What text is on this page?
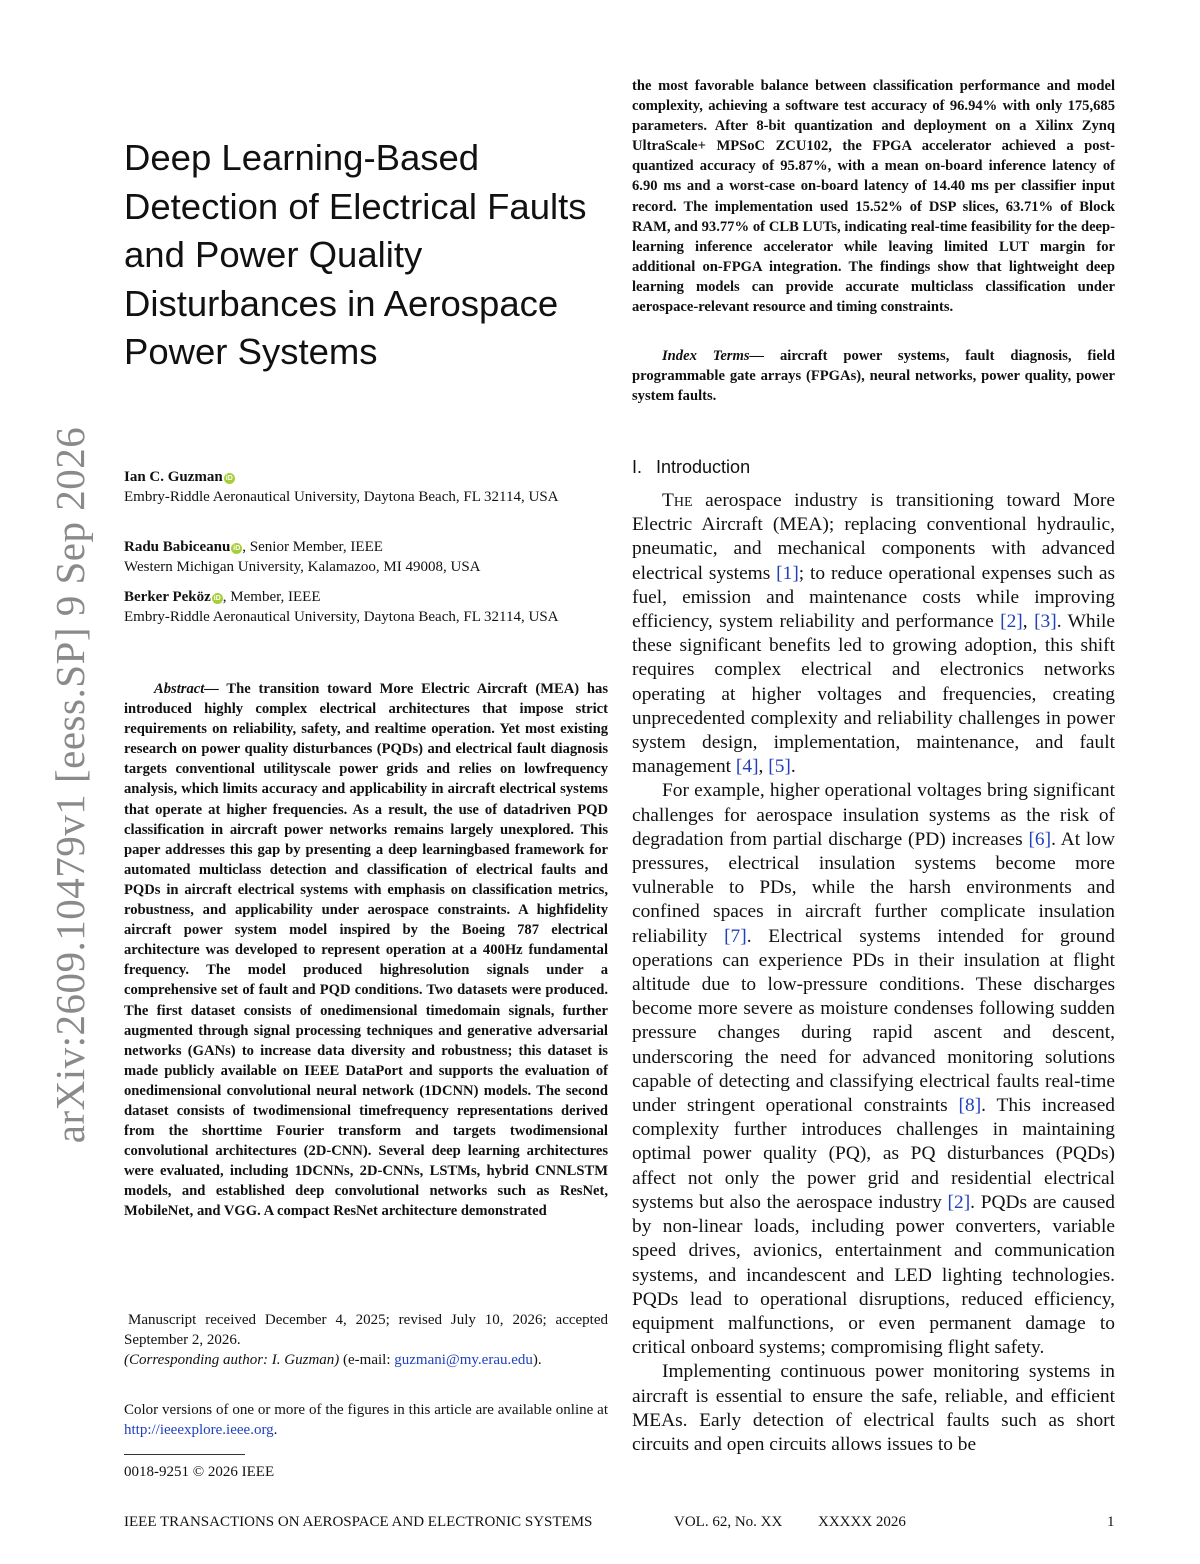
arXiv:2609.10479v1 [eess.SP] 9 Sep 2026
Deep Learning-Based Detection of Electrical Faults and Power Quality Disturbances in Aerospace Power Systems
Ian C. Guzman iD
Embry-Riddle Aeronautical University, Daytona Beach, FL 32114, USA
Radu Babiceanu iD , Senior Member, IEEE
Western Michigan University, Kalamazoo, MI 49008, USA
Berker Peköz iD , Member, IEEE
Embry-Riddle Aeronautical University, Daytona Beach, FL 32114, USA

Abstract— The transition toward More Electric Aircraft (MEA) has introduced highly complex electrical architectures that impose strict requirements on reliability, safety, and realtime operation. Yet most existing research on power quality disturbances (PQDs) and electrical fault diagnosis targets conventional utilityscale power grids and relies on lowfrequency analysis, which limits accuracy and applicability in aircraft electrical systems that operate at higher frequencies. As a result, the use of datadriven PQD classification in aircraft power networks remains largely unexplored. This paper addresses this gap by presenting a deep learningbased framework for automated multiclass detection and classification of electrical faults and PQDs in aircraft electrical systems with emphasis on classification metrics, robustness, and applicability under aerospace constraints. A highfidelity aircraft power system model inspired by the Boeing 787 electrical architecture was developed to represent operation at a 400Hz fundamental frequency. The model produced highresolution signals under a comprehensive set of fault and PQD conditions. Two datasets were produced. The first dataset consists of onedimensional timedomain signals, further augmented through signal processing techniques and generative adversarial networks (GANs) to increase data diversity and robustness; this dataset is made publicly available on IEEE DataPort and supports the evaluation of onedimensional convolutional neural network (1DCNN) models. The second dataset consists of twodimensional timefrequency representations derived from the shorttime Fourier transform and targets twodimensional convolutional architectures (2D-CNN). Several deep learning architectures were evaluated, including 1DCNNs, 2D-CNNs, LSTMs, hybrid CNNLSTM models, and established deep convolutional networks such as ResNet, MobileNet, and VGG. A compact ResNet architecture demonstrated

Manuscript received December 4, 2025; revised July 10, 2026; accepted September 2, 2026.
(Corresponding author: I. Guzman) (e-mail: guzmani@my.erau.edu).

Color versions of one or more of the figures in this article are available online at http://ieeexplore.ieee.org.

0018-9251 © 2026 IEEE

the most favorable balance between classification performance and model complexity, achieving a software test accuracy of 96.94% with only 175,685 parameters. After 8-bit quantization and deployment on a Xilinx Zynq UltraScale+ MPSoC ZCU102, the FPGA accelerator achieved a post-quantized accuracy of 95.87%, with a mean on-board inference latency of 6.90 ms and a worst-case on-board latency of 14.40 ms per classifier input record. The implementation used 15.52% of DSP slices, 63.71% of Block RAM, and 93.77% of CLB LUTs, indicating real-time feasibility for the deep-learning inference accelerator while leaving limited LUT margin for additional on-FPGA integration. The findings show that lightweight deep learning models can provide accurate multiclass classification under aerospace-relevant resource and timing constraints.

Index Terms— aircraft power systems, fault diagnosis, field programmable gate arrays (FPGAs), neural networks, power quality, power system faults.

I. Introduction

The aerospace industry is transitioning toward More Electric Aircraft (MEA); replacing conventional hydraulic, pneumatic, and mechanical components with advanced electrical systems [1]; to reduce operational expenses such as fuel, emission and maintenance costs while improving efficiency, system reliability and performance [2], [3]. While these significant benefits led to growing adoption, this shift requires complex electrical and electronics networks operating at higher voltages and frequencies, creating unprecedented complexity and reliability challenges in power system design, implementation, maintenance, and fault management [4], [5].

For example, higher operational voltages bring significant challenges for aerospace insulation systems as the risk of degradation from partial discharge (PD) increases [6]. At low pressures, electrical insulation systems become more vulnerable to PDs, while the harsh environments and confined spaces in aircraft further complicate insulation reliability [7]. Electrical systems intended for ground operations can experience PDs in their insulation at flight altitude due to low-pressure conditions. These discharges become more severe as moisture condenses following sudden pressure changes during rapid ascent and descent, underscoring the need for advanced monitoring solutions capable of detecting and classifying electrical faults real-time under stringent operational constraints [8]. This increased complexity further introduces challenges in maintaining optimal power quality (PQ), as PQ disturbances (PQDs) affect not only the power grid and residential electrical systems but also the aerospace industry [2]. PQDs are caused by non-linear loads, including power converters, variable speed drives, avionics, entertainment and communication systems, and incandescent and LED lighting technologies. PQDs lead to operational disruptions, reduced efficiency, equipment malfunctions, or even permanent damage to critical onboard systems; compromising flight safety.

Implementing continuous power monitoring systems in aircraft is essential to ensure the safe, reliable, and efficient MEAs. Early detection of electrical faults such as short circuits and open circuits allows issues to be

IEEE TRANSACTIONS ON AEROSPACE AND ELECTRONIC SYSTEMS	VOL. 62, No. XX XXXXX 2026	1
